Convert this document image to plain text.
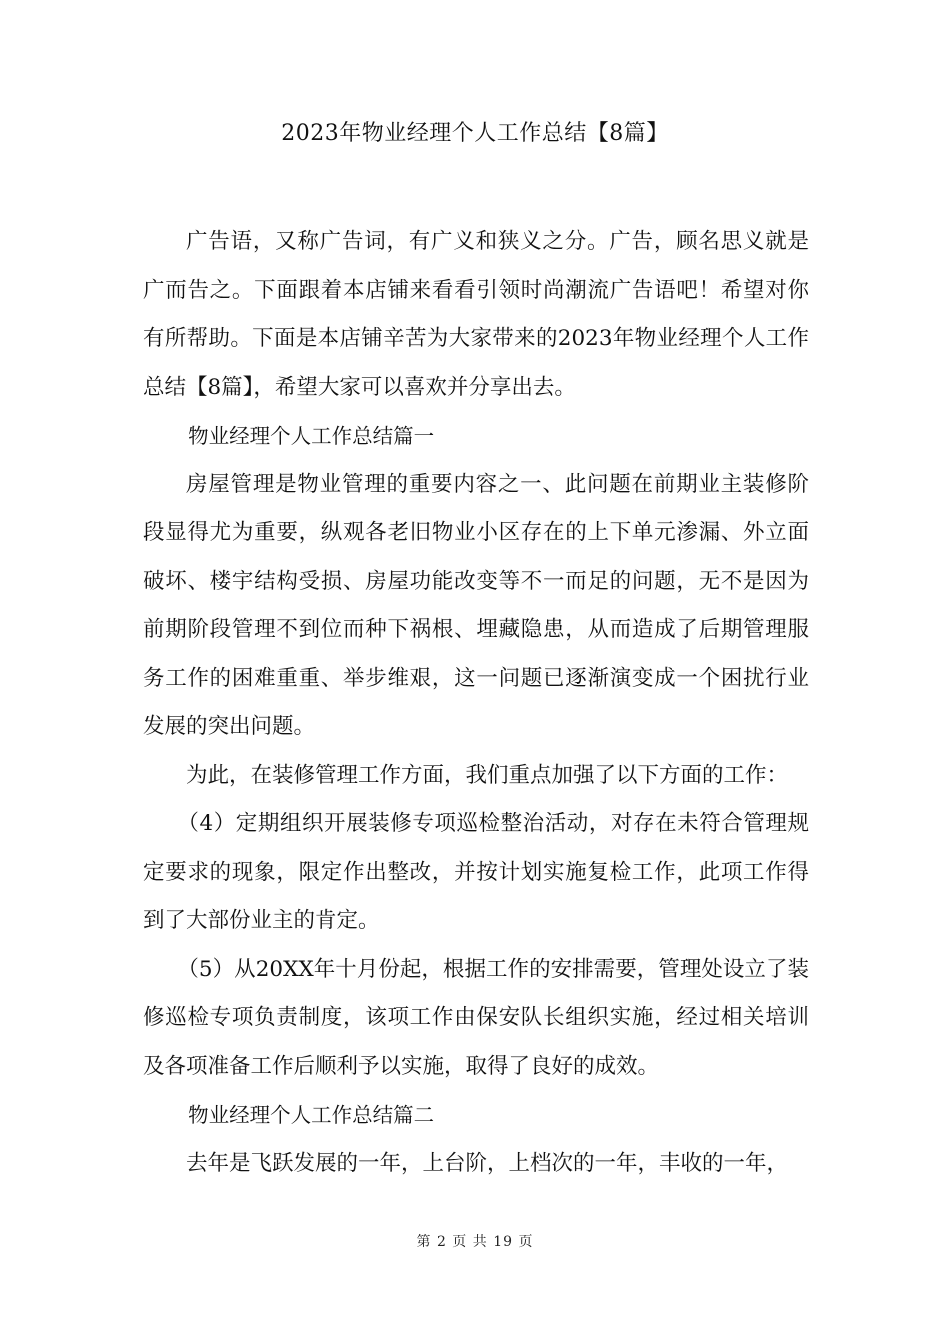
2023年物业经理个人工作总结【8篇】

广告语，又称广告词，有广义和狭义之分。广告，顾名思义就是广而告之。下面跟着本店铺来看看引领时尚潮流广告语吧！希望对你有所帮助。下面是本店铺辛苦为大家带来的2023年物业经理个人工作总结【8篇】，希望大家可以喜欢并分享出去。

物业经理个人工作总结篇一

房屋管理是物业管理的重要内容之一、此问题在前期业主装修阶段显得尤为重要，纵观各老旧物业小区存在的上下单元渗漏、外立面破坏、楼宇结构受损、房屋功能改变等不一而足的问题，无不是因为前期阶段管理不到位而种下祸根、埋藏隐患，从而造成了后期管理服务工作的困难重重、举步维艰，这一问题已逐渐演变成一个困扰行业发展的突出问题。

为此，在装修管理工作方面，我们重点加强了以下方面的工作：

（4）定期组织开展装修专项巡检整治活动，对存在未符合管理规定要求的现象，限定作出整改，并按计划实施复检工作，此项工作得到了大部份业主的肯定。

（5）从20XX年十月份起，根据工作的安排需要，管理处设立了装修巡检专项负责制度，该项工作由保安队长组织实施，经过相关培训及各项准备工作后顺利予以实施，取得了良好的成效。

物业经理个人工作总结篇二

去年是飞跃发展的一年，上台阶，上档次的一年，丰收的一年，

第 2 页 共 19 页
